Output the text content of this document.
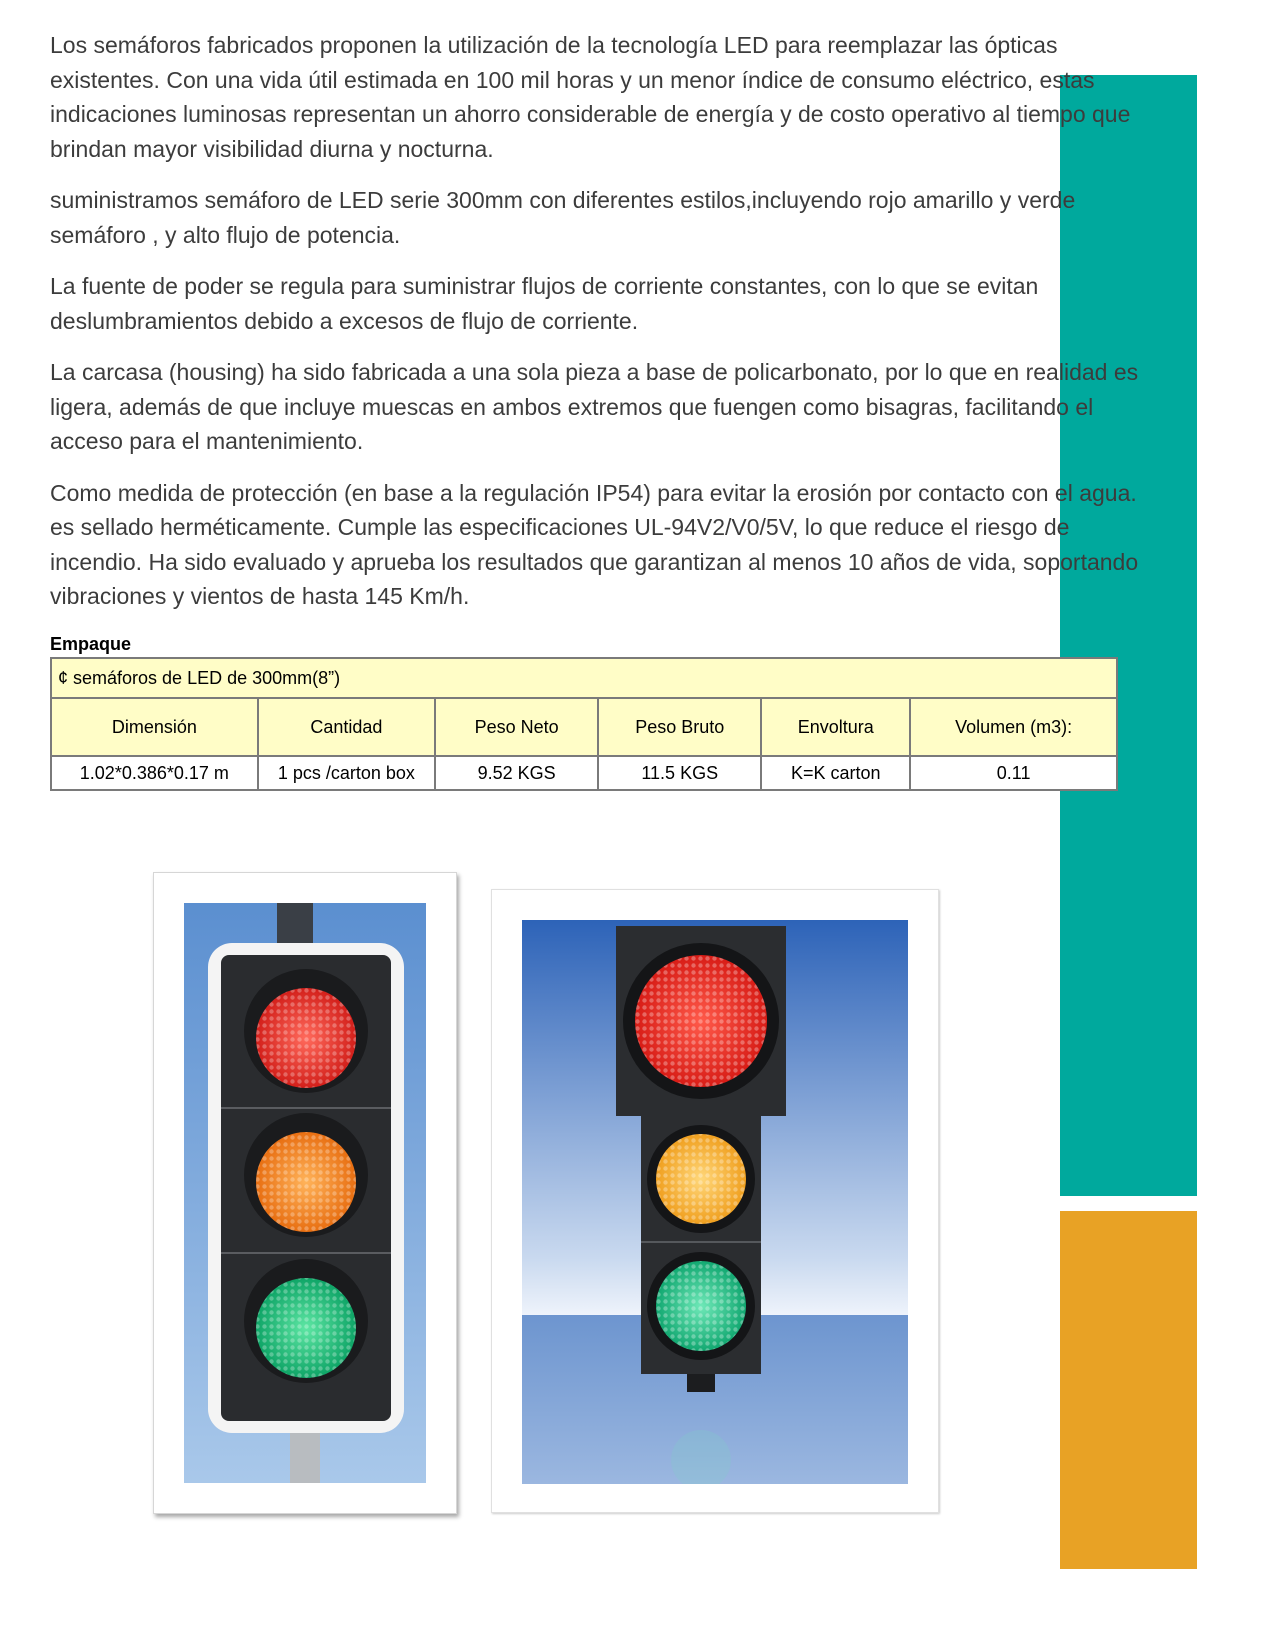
Los semáforos fabricados proponen la utilización de la tecnología LED para reemplazar las ópticas existentes. Con una vida útil estimada en 100 mil horas y un menor índice de consumo eléctrico, estas indicaciones luminosas representan un ahorro considerable de energía y de costo operativo al tiempo que brindan mayor visibilidad diurna y nocturna.

suministramos semáforo de LED serie 300mm con diferentes estilos,incluyendo rojo amarillo y verde semáforo , y alto flujo de potencia.

La fuente de poder se regula para suministrar flujos de corriente constantes, con lo que se evitan deslumbramientos debido a excesos de flujo de corriente.

La carcasa (housing) ha sido fabricada a una sola pieza a base de policarbonato, por lo que en realidad es ligera, además de que incluye muescas en ambos extremos que fuengen como bisagras, facilitando el acceso para el mantenimiento.

Como medida de protección (en base a la regulación IP54) para evitar la erosión por contacto con el agua. es sellado herméticamente. Cumple las especificaciones UL-94V2/V0/5V, lo que reduce el riesgo de incendio. Ha sido evaluado y aprueba los resultados que garantizan al menos 10 años de vida, soportando vibraciones y vientos de hasta 145 Km/h.

Empaque
¢ semáforos de LED de 300mm(8”)					
Dimensión	Cantidad	Peso Neto	Peso Bruto	Envoltura	Volumen (m3):
1.02*0.386*0.17 m	1 pcs /carton box	9.52 KGS	11.5 KGS	K=K carton	0.11
